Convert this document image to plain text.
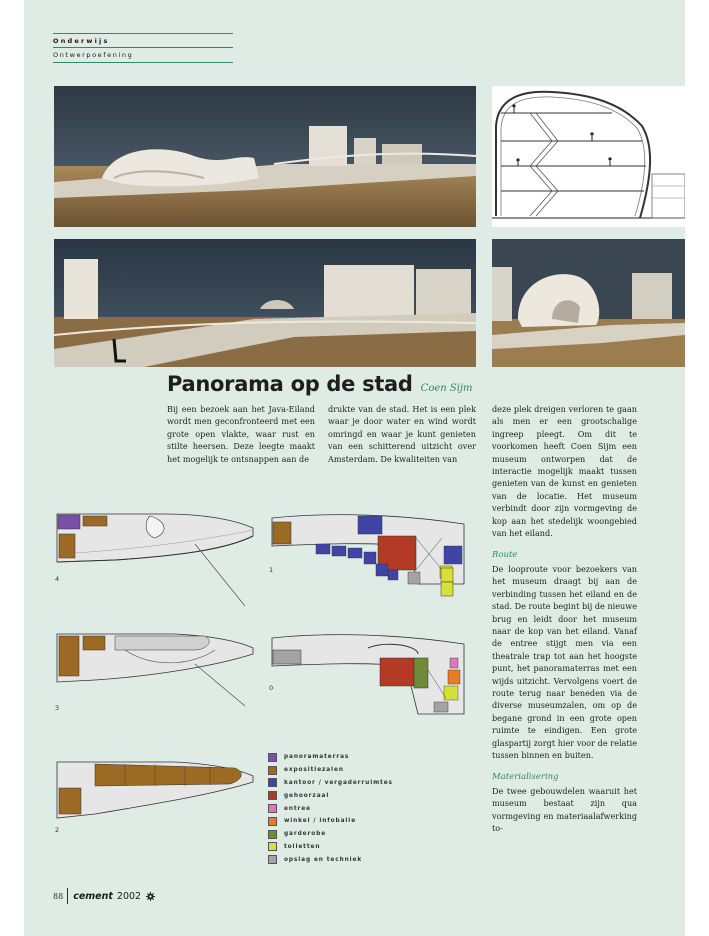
Onderwijs
Ontwerpoefening
Panorama op de stad Coen Sijm

Bij een bezoek aan het Java-Eiland wordt men geconfronteerd met een grote open vlakte, waar rust en stilte heersen. Deze leegte maakt het mogelijk te ontsnappen aan de

drukte van de stad. Het is een plek waar je door water en wind wordt omringd en waar je kunt genieten van een schitterend uitzicht over Amsterdam. De kwaliteiten van

deze plek dreigen verloren te gaan als men er een grootschalige ingreep pleegt. Om dit te voorkomen heeft Coen Sijm een museum ontworpen dat de interactie mogelijk maakt tussen genieten van de kunst en genieten van de locatie. Het museum verbindt door zijn vormgeving de kop aan het stedelijk woongebied van het eiland.

Route

De looproute voor bezoekers van het museum draagt bij aan de verbinding tussen het eiland en de stad. De route begint bij de nieuwe brug en leidt door het museum naar de kop van het eiland. Vanaf de entree stijgt men via een theatrale trap tot aan het hoogste punt, het panoramaterras met een wijds uitzicht. Vervolgens voert de route terug naar beneden via de diverse museumzalen, om op de begane grond in een grote open ruimte te eindigen. Een grote glaspartij zorgt hier voor de relatie tussen binnen en buiten.

Materialisering

De twee gebouwdelen waaruit het museum bestaat zijn qua vormgeving en materiaalafwerking to-

4
1
3
0
2
panoramaterras
expositiezalen
kantoor / vergaderruimtes
gehoorzaal
entree
winkel / infobalie
garderobe
toiletten
opslag en techniek
88 cement 2002
